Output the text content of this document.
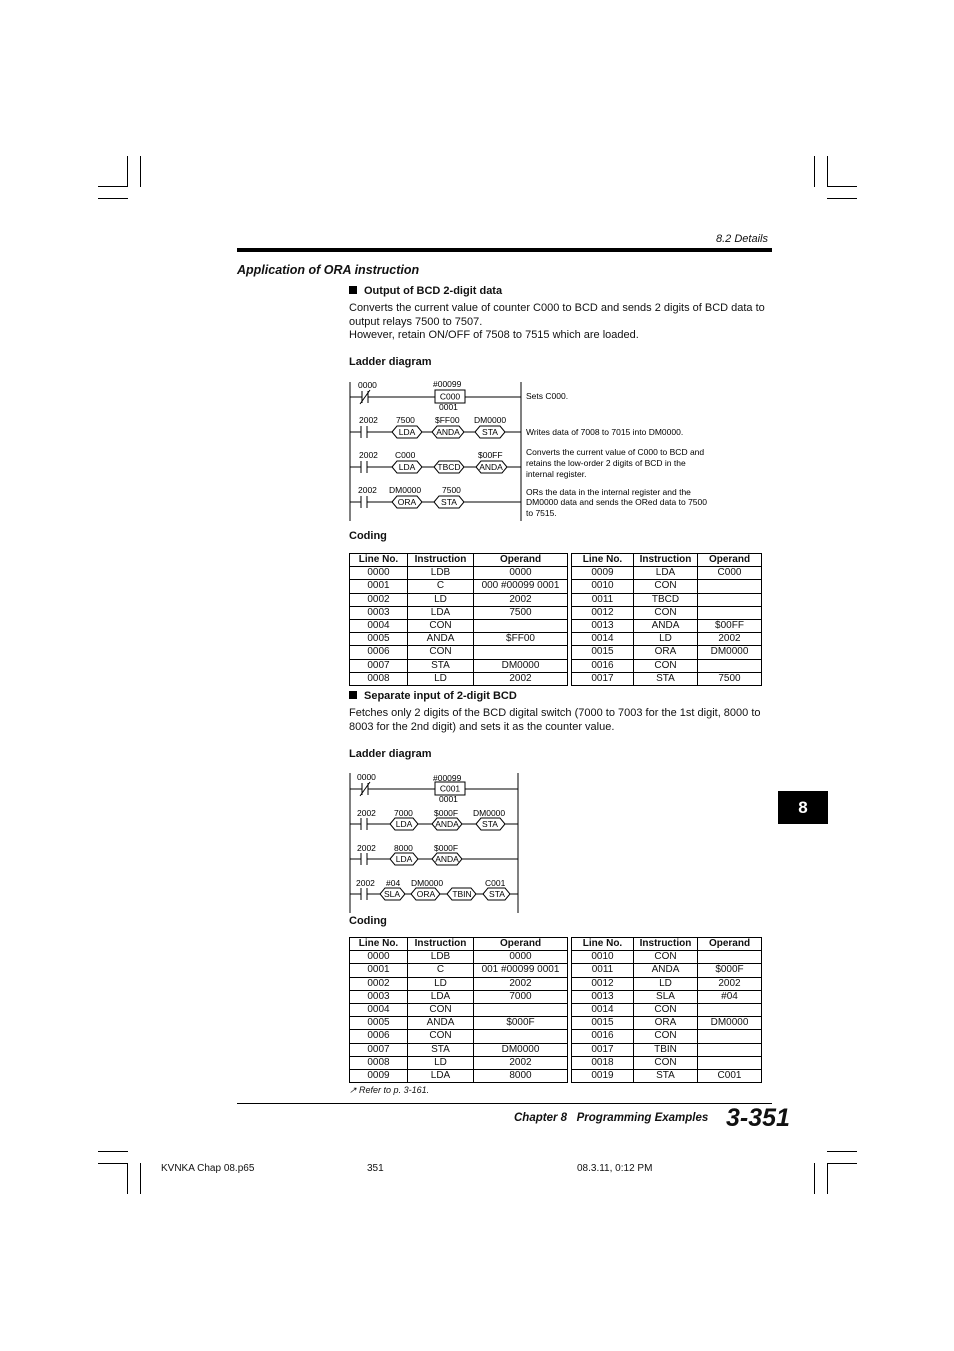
8.2 Details
Application of ORA instruction
Output of BCD 2-digit data
Converts the current value of counter C000 to BCD and sends 2 digits of BCD data to output relays 7500 to 7507.
However, retain ON/OFF of 7508 to 7515 which are loaded.
Ladder diagram
0000	#00099
C000
0001
Sets C000.
2002 7500 $FF00 DM0000
LDA ANDA	STA	Writes data of 7008 to 7015 into DM0000.
2002 C000	$00FF
LDA	TBCD ANDA
Converts the current value of C000 to BCD and
retains the low-order 2 digits of BCD in the
internal register.
2002 DM0000 7500
ORA	STA
ORs the data in the internal register and the
DM0000 data and sends the ORed data to 7500
to 7515.
Coding
Line No.	Instruction	Operand		Line No.	Instruction	Operand
0000	LDB	0000		0009	LDA	C000
0001	C	000 #00099 0001		0010	CON	
0002	LD	2002		0011	TBCD	
0003	LDA	7500		0012	CON	
0004	CON			0013	ANDA	$00FF
0005	ANDA	$FF00		0014	LD	2002
0006	CON			0015	ORA	DM0000
0007	STA	DM0000		0016	CON	
0008	LD	2002		0017	STA	7500
Separate input of 2-digit BCD
Fetches only 2 digits of the BCD digital switch (7000 to 7003 for the 1st digit, 8000 to 8003 for the 2nd digit) and sets it as the counter value.
Ladder diagram
0000	#00099
C001
0001
2002 7000 $000F DM0000
LDA	ANDA	STA
2002 8000 $000F
LDA	ANDA
2002 #04 DM0000	C001
SLA ORA TBIN STA
Coding
Line No.	Instruction	Operand		Line No.	Instruction	Operand
0000	LDB	0000		0010	CON	
0001	C	001 #00099 0001		0011	ANDA	$000F
0002	LD	2002		0012	LD	2002
0003	LDA	7000		0013	SLA	#04
0004	CON			0014	CON	
0005	ANDA	$000F		0015	ORA	DM0000
0006	CON			0016	CON	
0007	STA	DM0000		0017	TBIN	
0008	LD	2002		0018	CON	
0009	LDA	8000		0019	STA	C001
↗ Refer to p. 3-161.
8
Chapter 8   Programming Examples 3-351
KVNKA Chap 08.p65	351	08.3.11, 0:12 PM
